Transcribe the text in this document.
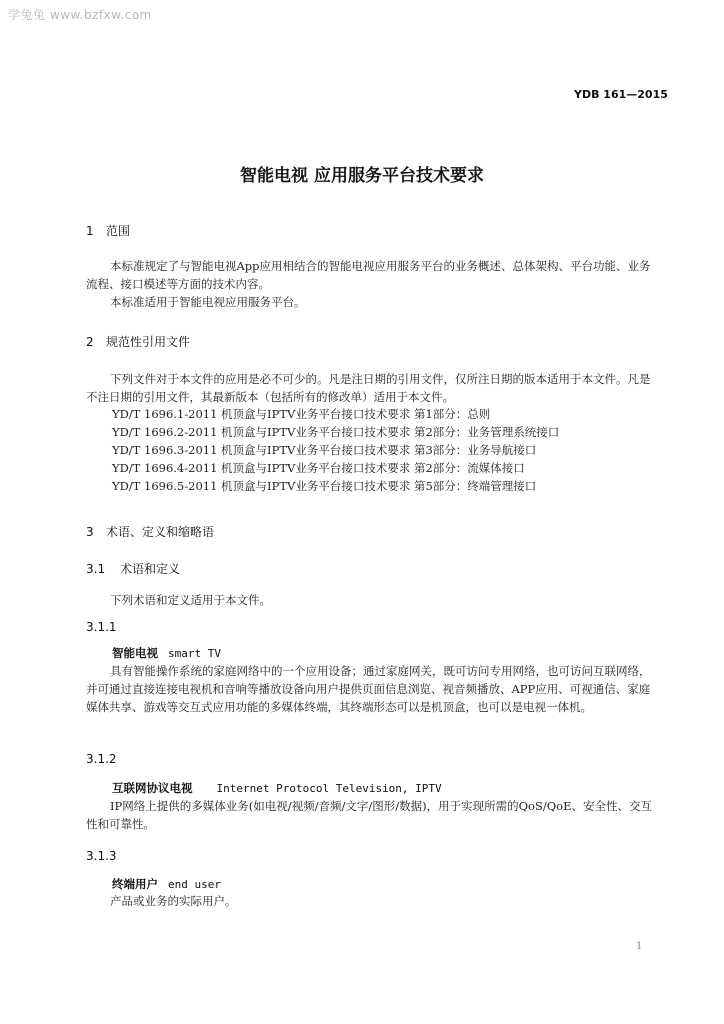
学兔兔 www.bzfxw.com
YDB 161—2015
智能电视 应用服务平台技术要求
1 范围
本标准规定了与智能电视App应用相结合的智能电视应用服务平台的业务概述、总体架构、平台功能、业务流程、接口模述等方面的技术内容。
本标准适用于智能电视应用服务平台。
2 规范性引用文件
下列文件对于本文件的应用是必不可少的。凡是注日期的引用文件，仅所注日期的版本适用于本文件。凡是不注日期的引用文件，其最新版本（包括所有的修改单）适用于本文件。
YD/T 1696.1-2011 机顶盒与IPTV业务平台接口技术要求 第1部分：总则
YD/T 1696.2-2011 机顶盒与IPTV业务平台接口技术要求 第2部分：业务管理系统接口
YD/T 1696.3-2011 机顶盒与IPTV业务平台接口技术要求 第3部分：业务导航接口
YD/T 1696.4-2011 机顶盒与IPTV业务平台接口技术要求 第2部分：流媒体接口
YD/T 1696.5-2011 机顶盒与IPTV业务平台接口技术要求 第5部分：终端管理接口
3 术语、定义和缩略语
3.1 术语和定义
下列术语和定义适用于本文件。
3.1.1
智能电视 smart TV
具有智能操作系统的家庭网络中的一个应用设备；通过家庭网关，既可访问专用网络，也可访问互联网络，并可通过直接连接电视机和音响等播放设备向用户提供页面信息浏览、视音频播放、APP应用、可视通信、家庭媒体共享、游戏等交互式应用功能的多媒体终端，其终端形态可以是机顶盒，也可以是电视一体机。
3.1.2
互联网协议电视 Internet Protocol Television, IPTV
IP网络上提供的多媒体业务(如电视/视频/音频/文字/图形/数据)，用于实现所需的QoS/QoE、安全性、交互性和可靠性。
3.1.3
终端用户 end user
产品或业务的实际用户。
1
